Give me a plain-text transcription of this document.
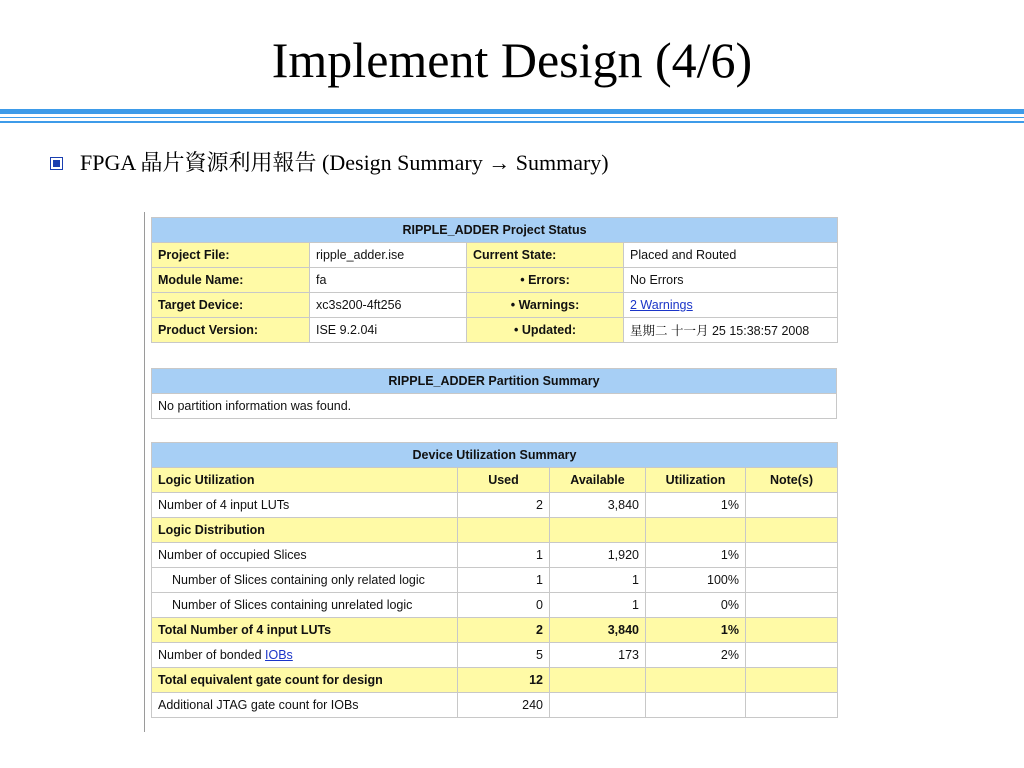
Implement Design (4/6)
FPGA 晶片資源利用報告 (Design Summary → Summary)
RIPPLE_ADDER Project Status			
Project File:	ripple_adder.ise	Current State:	Placed and Routed
Module Name:	fa	• Errors:	No Errors
Target Device:	xc3s200-4ft256	• Warnings:	2 Warnings
Product Version:	ISE 9.2.04i	• Updated:	星期二 十一月 25 15:38:57 2008
RIPPLE_ADDER Partition Summary
No partition information was found.
Device Utilization Summary				
Logic Utilization	Used	Available	Utilization	Note(s)
Number of 4 input LUTs	2	3,840	1%	
Logic Distribution				
Number of occupied Slices	1	1,920	1%	
Number of Slices containing only related logic	1	1	100%	
Number of Slices containing unrelated logic	0	1	0%	
Total Number of 4 input LUTs	2	3,840	1%	
Number of bonded IOBs	5	173	2%	
Total equivalent gate count for design	12			
Additional JTAG gate count for IOBs	240			
